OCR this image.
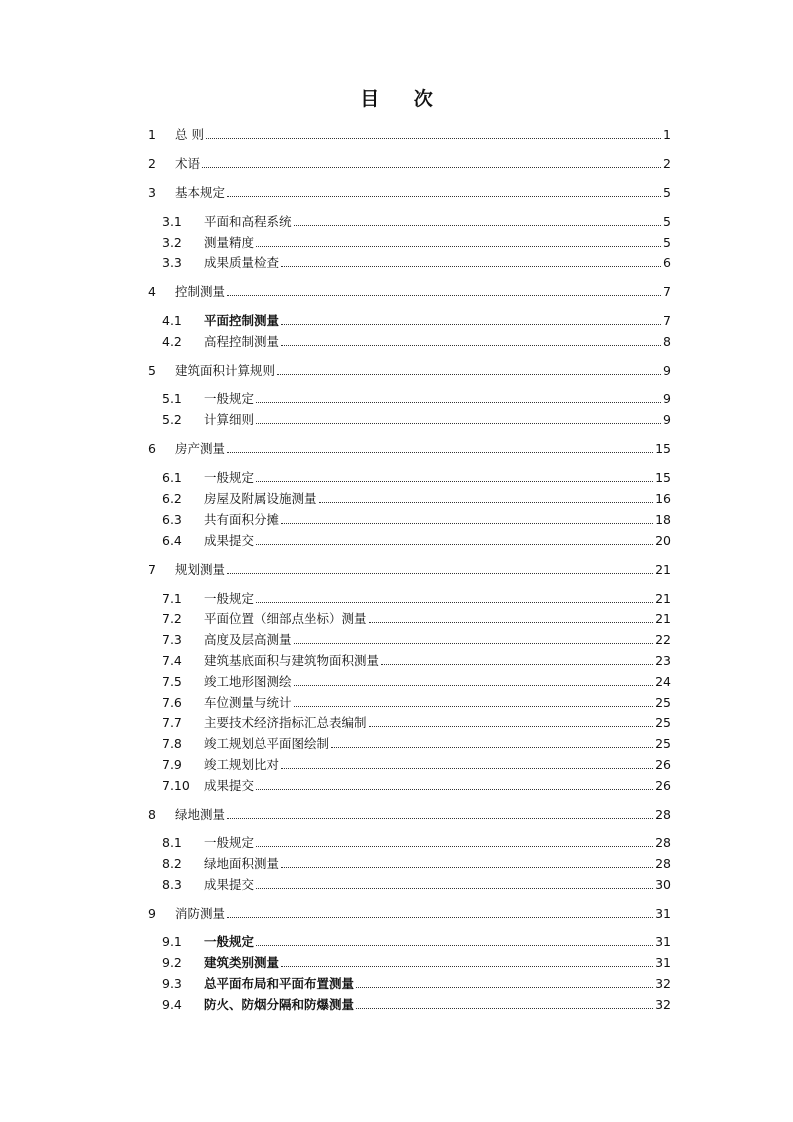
目 次
1	总 则	1
2	术语	2
3	基本规定	5
3.1	平面和高程系统	5
3.2	测量精度	5
3.3	成果质量检查	6
4	控制测量	7
4.1	平面控制测量	7
4.2	高程控制测量	8
5	建筑面积计算规则	9
5.1	一般规定	9
5.2	计算细则	9
6	房产测量	15
6.1	一般规定	15
6.2	房屋及附属设施测量	16
6.3	共有面积分摊	18
6.4	成果提交	20
7	规划测量	21
7.1	一般规定	21
7.2	平面位置（细部点坐标）测量	21
7.3	高度及层高测量	22
7.4	建筑基底面积与建筑物面积测量	23
7.5	竣工地形图测绘	24
7.6	车位测量与统计	25
7.7	主要技术经济指标汇总表编制	25
7.8	竣工规划总平面图绘制	25
7.9	竣工规划比对	26
7.10	成果提交	26
8	绿地测量	28
8.1	一般规定	28
8.2	绿地面积测量	28
8.3	成果提交	30
9	消防测量	31
9.1	一般规定	31
9.2	建筑类别测量	31
9.3	总平面布局和平面布置测量	32
9.4	防火、防烟分隔和防爆测量	32
